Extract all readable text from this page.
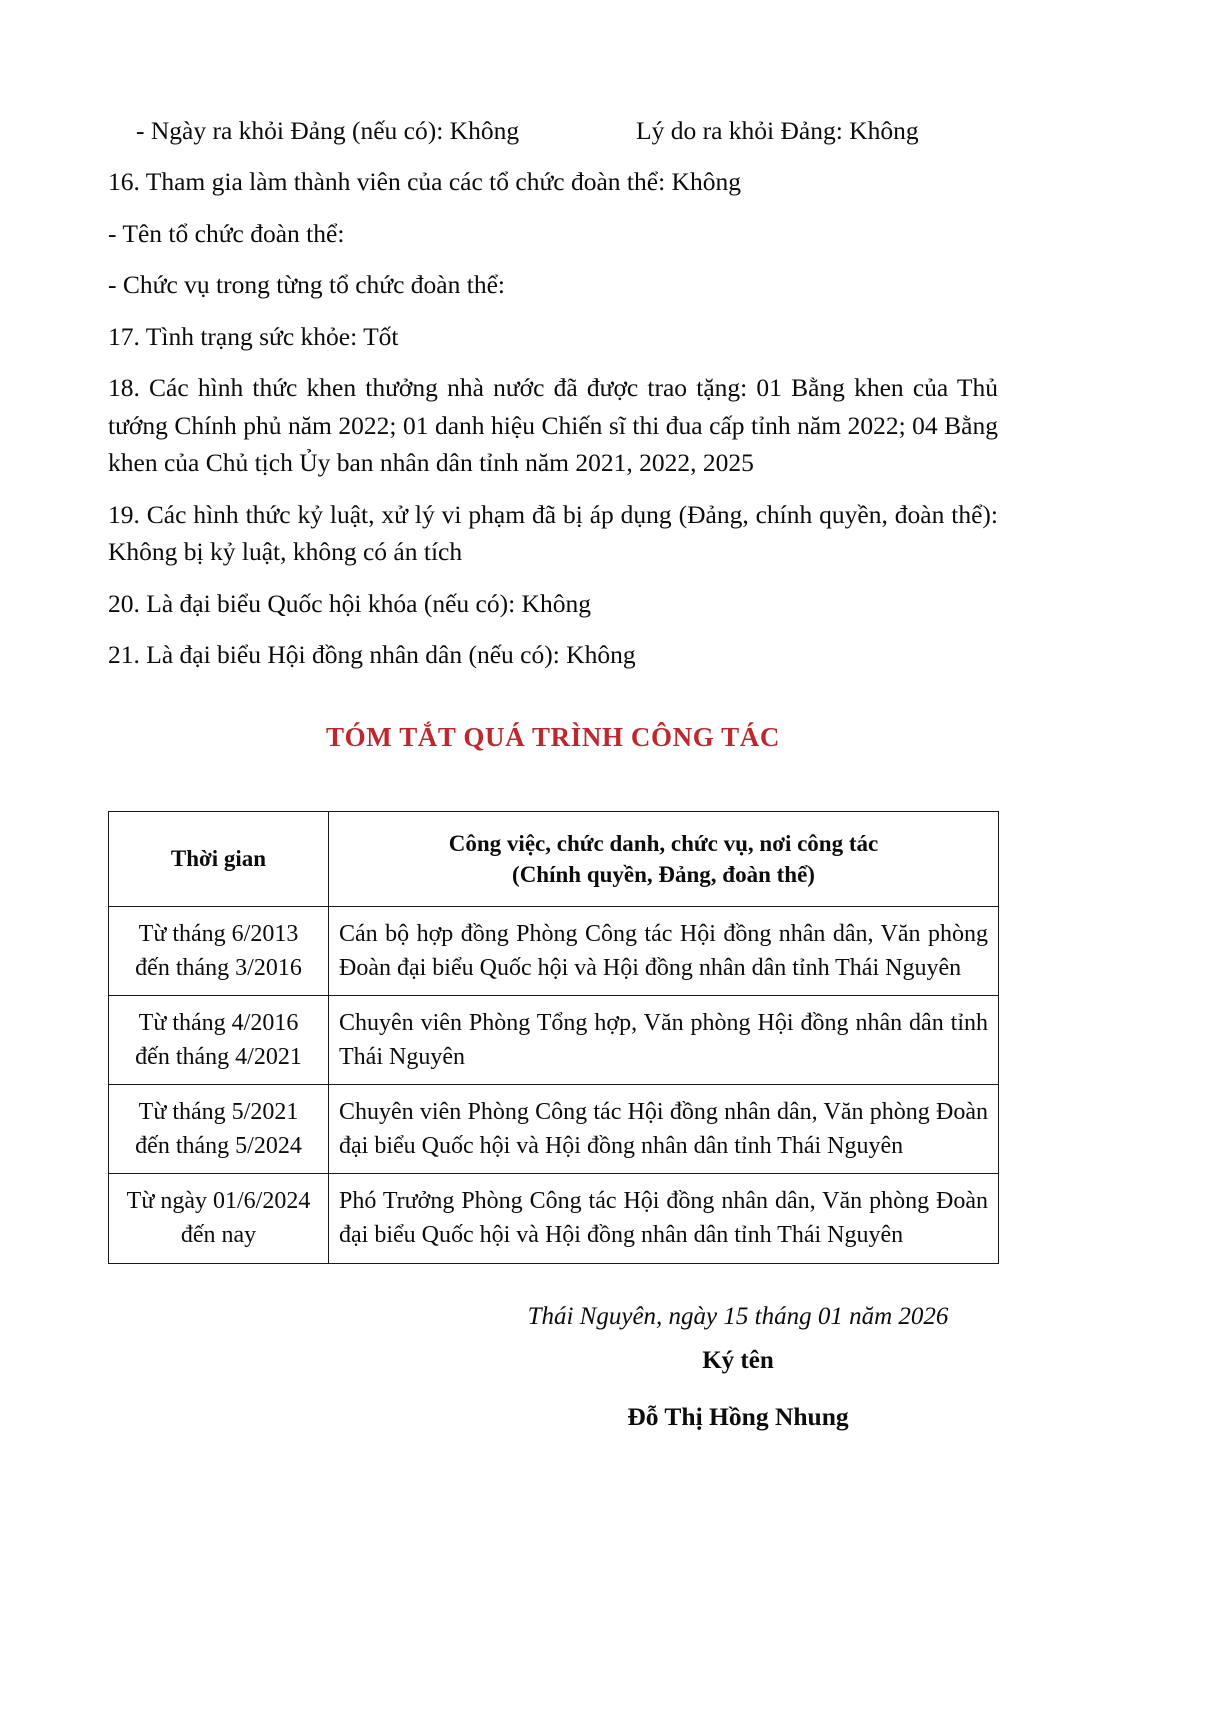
- Ngày ra khỏi Đảng (nếu có): Không	Lý do ra khỏi Đảng: Không

16. Tham gia làm thành viên của các tổ chức đoàn thể: Không

- Tên tổ chức đoàn thể:

- Chức vụ trong từng tổ chức đoàn thể:

17. Tình trạng sức khỏe: Tốt

18. Các hình thức khen thưởng nhà nước đã được trao tặng: 01 Bằng khen của Thủ tướng Chính phủ năm 2022; 01 danh hiệu Chiến sĩ thi đua cấp tỉnh năm 2022; 04 Bằng khen của Chủ tịch Ủy ban nhân dân tỉnh năm 2021, 2022, 2025

19. Các hình thức kỷ luật, xử lý vi phạm đã bị áp dụng (Đảng, chính quyền, đoàn thể): Không bị kỷ luật, không có án tích

20. Là đại biểu Quốc hội khóa (nếu có): Không

21. Là đại biểu Hội đồng nhân dân (nếu có): Không

TÓM TẮT QUÁ TRÌNH CÔNG TÁC
Thời gian	Công việc, chức danh, chức vụ, nơi công tác
(Chính quyền, Đảng, đoàn thể)

Từ tháng 6/2013
đến tháng 3/2016	Cán bộ hợp đồng Phòng Công tác Hội đồng nhân dân, Văn phòng Đoàn đại biểu Quốc hội và Hội đồng nhân dân tỉnh Thái Nguyên
Từ tháng 4/2016
đến tháng 4/2021	Chuyên viên Phòng Tổng hợp, Văn phòng Hội đồng nhân dân tỉnh Thái Nguyên
Từ tháng 5/2021
đến tháng 5/2024	Chuyên viên Phòng Công tác Hội đồng nhân dân, Văn phòng Đoàn đại biểu Quốc hội và Hội đồng nhân dân tỉnh Thái Nguyên
Từ ngày 01/6/2024
đến nay	Phó Trưởng Phòng Công tác Hội đồng nhân dân, Văn phòng Đoàn đại biểu Quốc hội và Hội đồng nhân dân tỉnh Thái Nguyên
Thái Nguyên, ngày 15 tháng 01 năm 2026
Ký tên
Đỗ Thị Hồng Nhung
